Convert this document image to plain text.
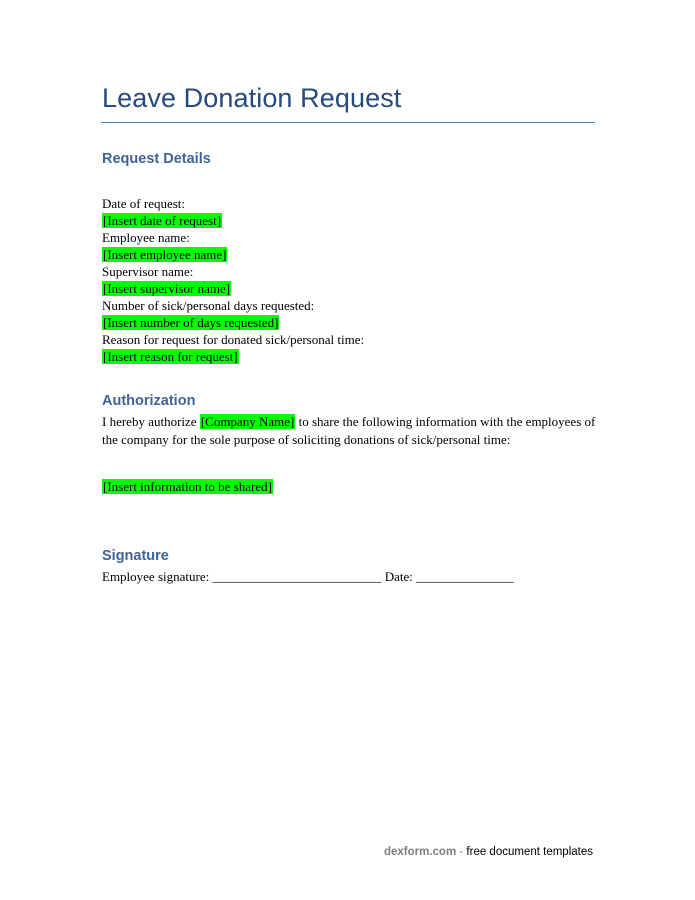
Leave Donation Request
Request Details
Date of request:
[Insert date of request]
Employee name:
[Insert employee name]
Supervisor name:
[Insert supervisor name]
Number of sick/personal days requested:
[Insert number of days requested]
Reason for request for donated sick/personal time:
[Insert reason for request]
Authorization

I hereby authorize [Company Name] to share the following information with the employees of the company for the sole purpose of soliciting donations of sick/personal time:

[Insert information to be shared]
Signature
Employee signature: __________________________ Date: _______________
dexform.com - free document templates
